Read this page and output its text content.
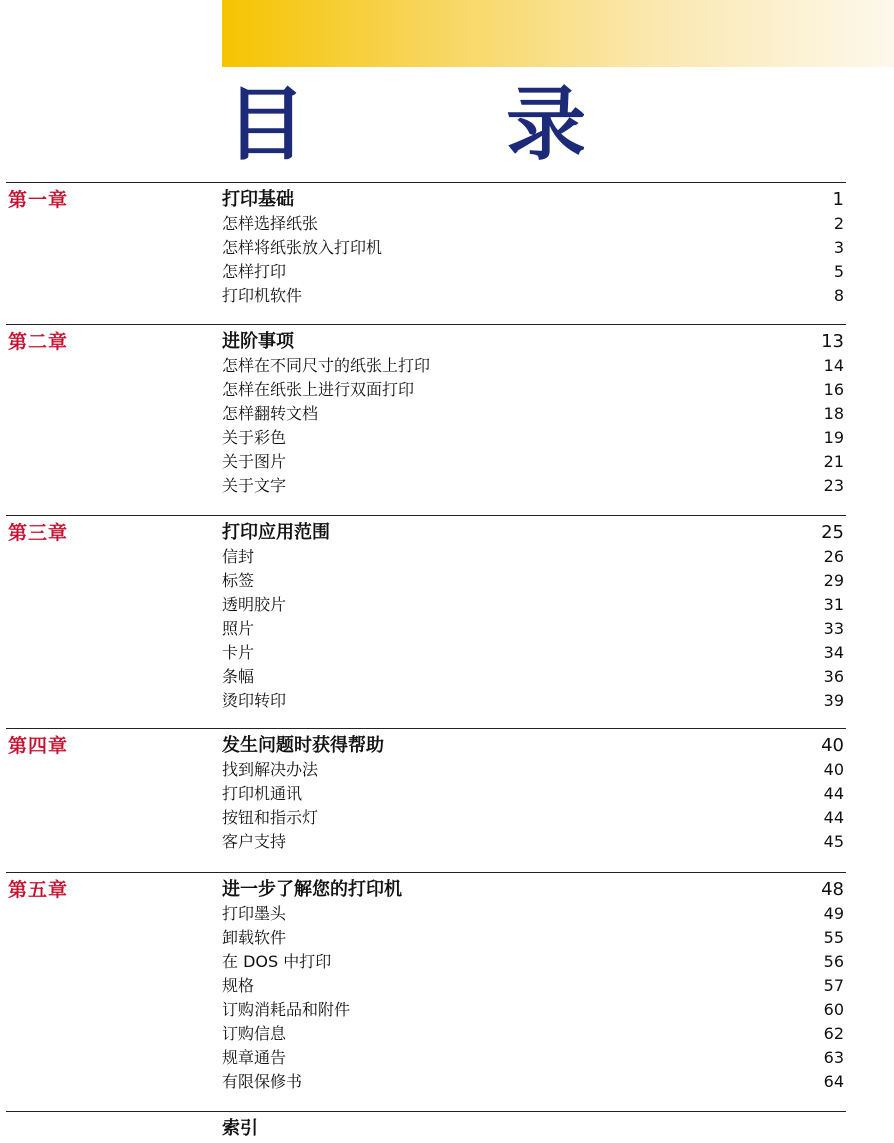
目	录
第一章	打印基础	1
怎样选择纸张	2
怎样将纸张放入打印机	3
怎样打印	5
打印机软件	8
第二章	进阶事项	13
怎样在不同尺寸的纸张上打印	14
怎样在纸张上进行双面打印	16
怎样翻转文档	18
关于彩色	19
关于图片	21
关于文字	23
第三章	打印应用范围	25
信封	26
标签	29
透明胶片	31
照片	33
卡片	34
条幅	36
烫印转印	39
第四章	发生问题时获得帮助	40
找到解决办法	40
打印机通讯	44
按钮和指示灯	44
客户支持	45
第五章	进一步了解您的打印机	48
打印墨头	49
卸载软件	55
在 DOS 中打印	56
规格	57
订购消耗品和附件	60
订购信息	62
规章通告	63
有限保修书	64
索引
